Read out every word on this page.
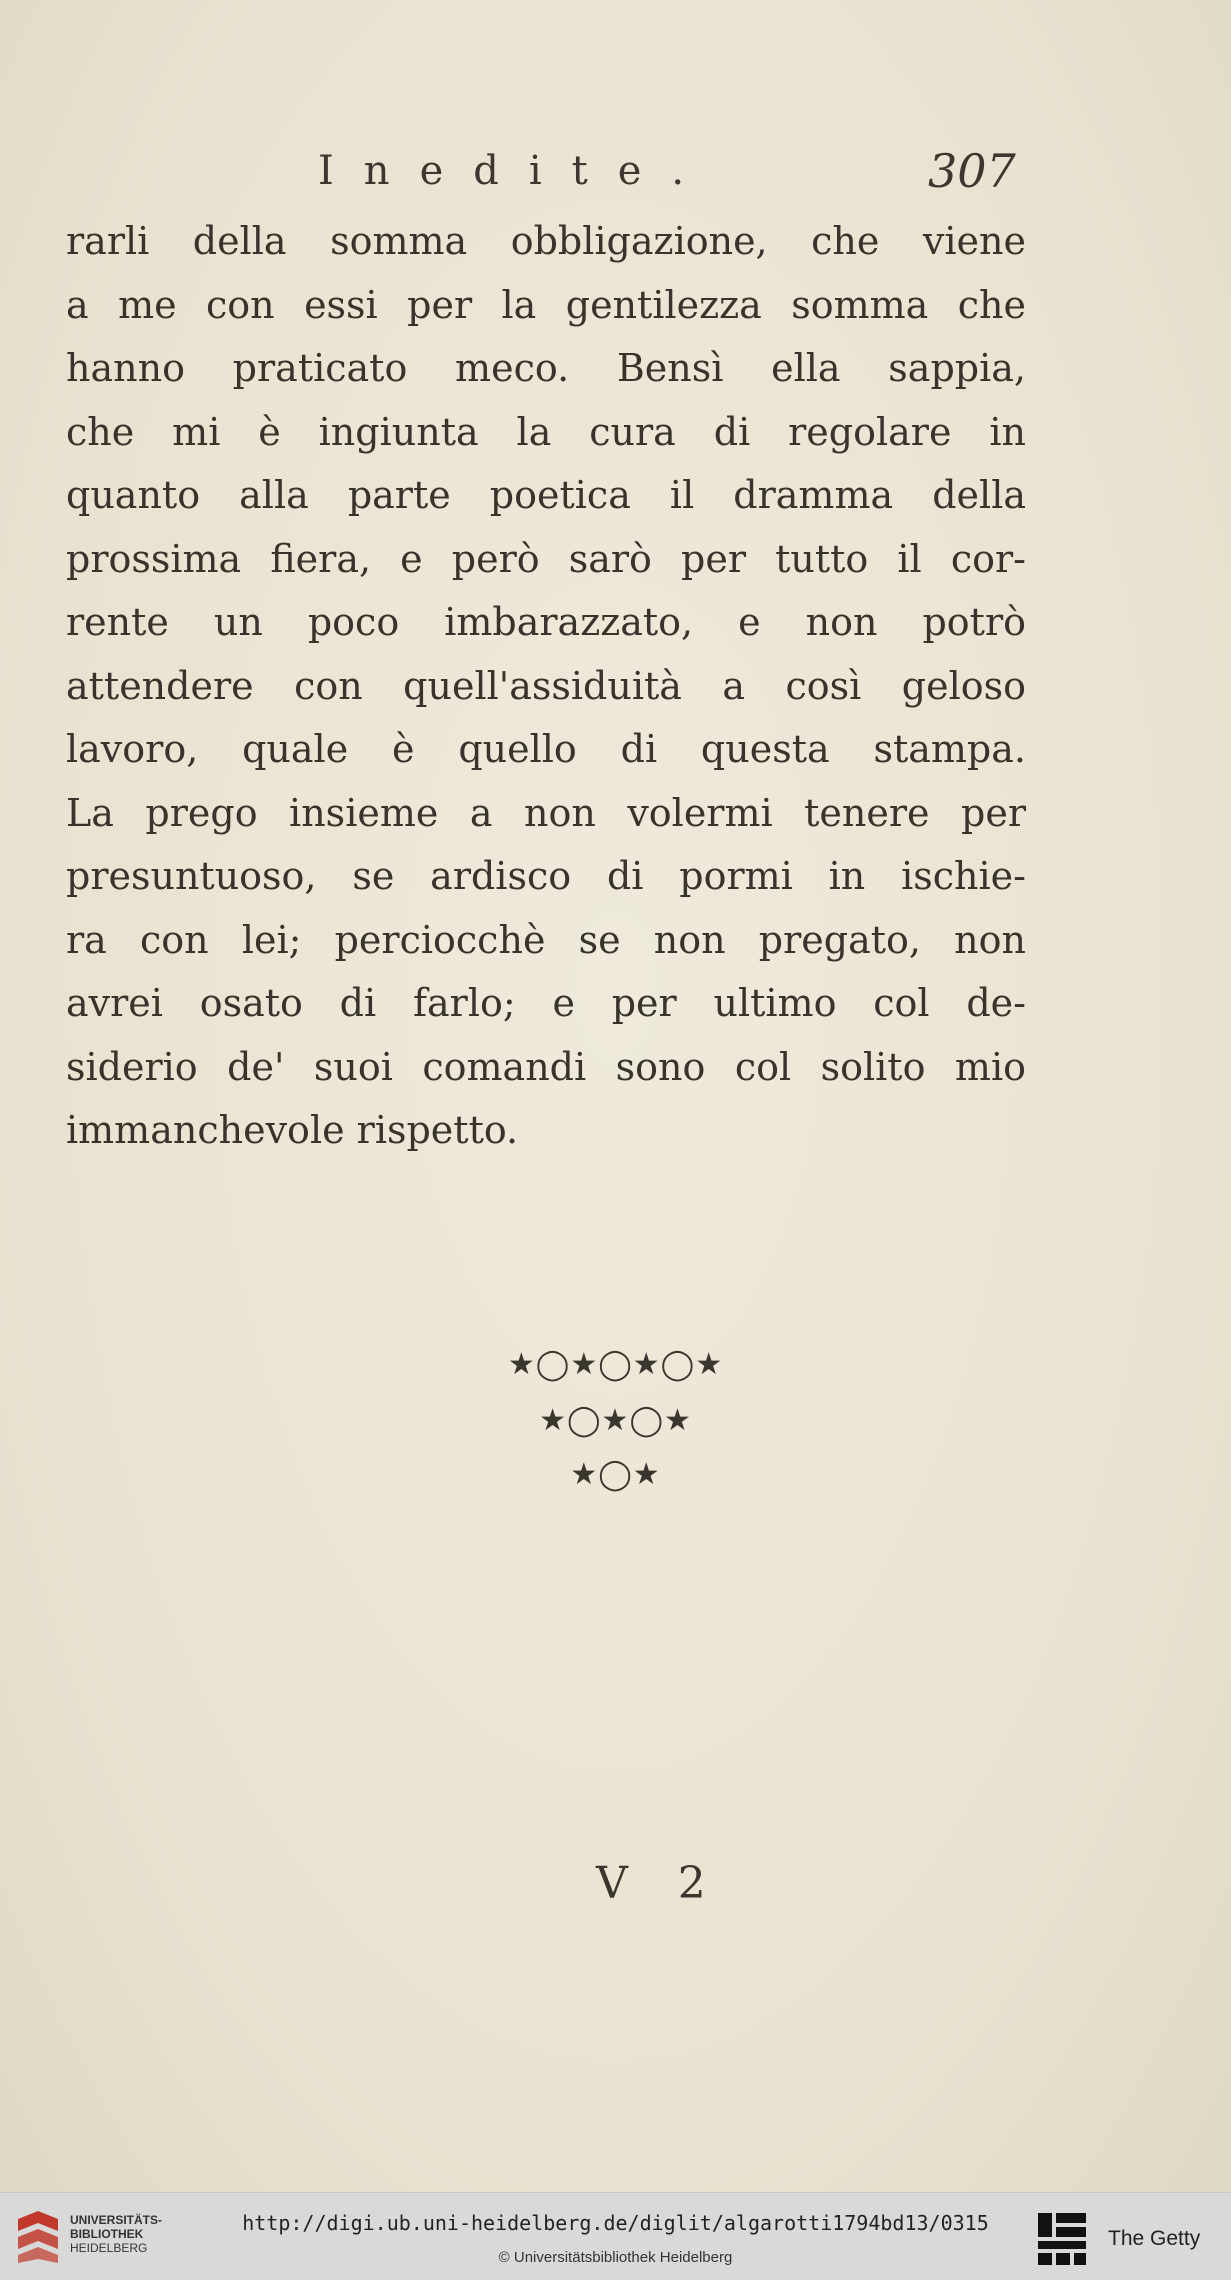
Inedite.	307
rarli della somma obbligazione, che viene
a me con essi per la gentilezza somma che
hanno praticato meco. Bensì ella sappia,
che mi è ingiunta la cura di regolare in
quanto alla parte poetica il dramma della
prossima fiera, e però sarò per tutto il cor-
rente un poco imbarazzato, e non potrò
attendere con quell'assiduità a così geloso
lavoro, quale è quello di questa stampa.
La prego insieme a non volermi tenere per
presuntuoso, se ardisco di pormi in ischie-
ra con lei; perciocchè se non pregato, non
avrei osato di farlo; e per ultimo col de-
siderio de' suoi comandi sono col solito mio
immanchevole rispetto.
★◯★◯★◯★
★◯★◯★
★◯★
V 2
UNIVERSITÄTS-
BIBLIOTHEK
HEIDELBERG
http://digi.ub.uni-heidelberg.de/diglit/algarotti1794bd13/0315
© Universitätsbibliothek Heidelberg
The Getty
